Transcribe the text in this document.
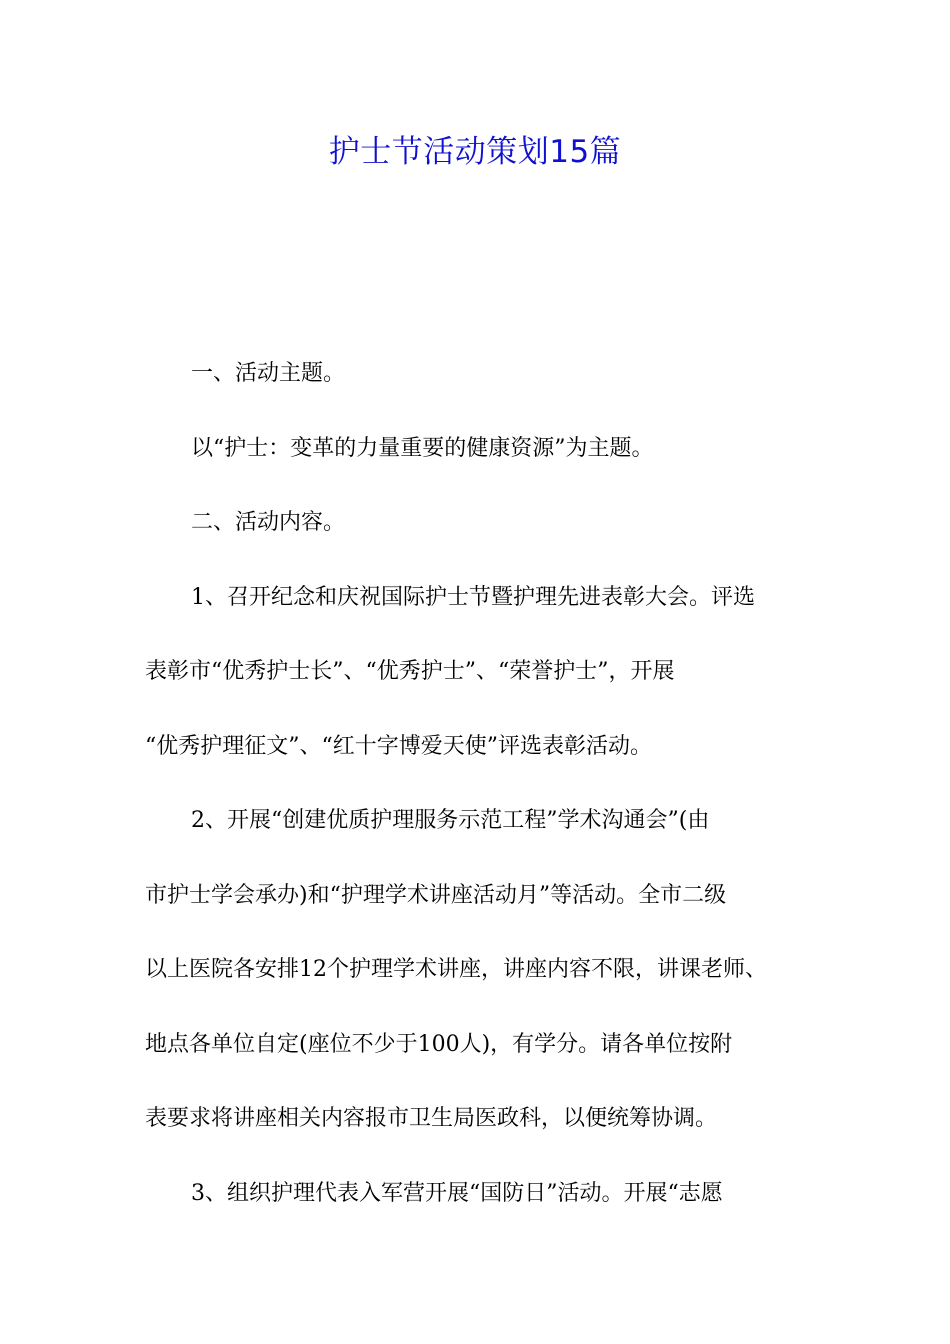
护士节活动策划15篇

一、活动主题。

以“护士：变革的力量重要的健康资源”为主题。

二、活动内容。

1、召开纪念和庆祝国际护士节暨护理先进表彰大会。评选
表彰市“优秀护士长”、“优秀护士”、“荣誉护士”，开展
“优秀护理征文”、“红十字博爱天使”评选表彰活动。

2、开展“创建优质护理服务示范工程”学术沟通会”(由
市护士学会承办)和“护理学术讲座活动月”等活动。全市二级
以上医院各安排12个护理学术讲座，讲座内容不限，讲课老师、
地点各单位自定(座位不少于100人)，有学分。请各单位按附
表要求将讲座相关内容报市卫生局医政科，以便统筹协调。

3、组织护理代表入军营开展“国防日”活动。开展“志愿
